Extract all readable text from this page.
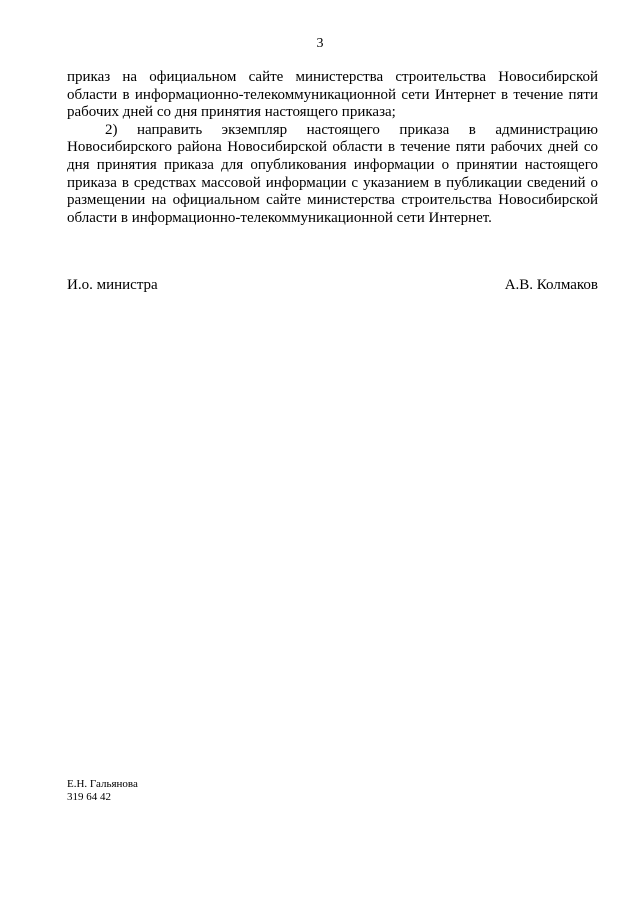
3

приказ на официальном сайте министерства строительства Новосибирской области в информационно-телекоммуникационной сети Интернет в течение пяти рабочих дней со дня принятия настоящего приказа;

2) направить экземпляр настоящего приказа в администрацию Новосибирского района Новосибирской области в течение пяти рабочих дней со дня принятия приказа для опубликования информации о принятии настоящего приказа в средствах массовой информации с указанием в публикации сведений о размещении на официальном сайте министерства строительства Новосибирской области в информационно-телекоммуникационной сети Интернет.

И.о. министра	А.В. Колмаков
Е.Н. Гальянова
319 64 42
